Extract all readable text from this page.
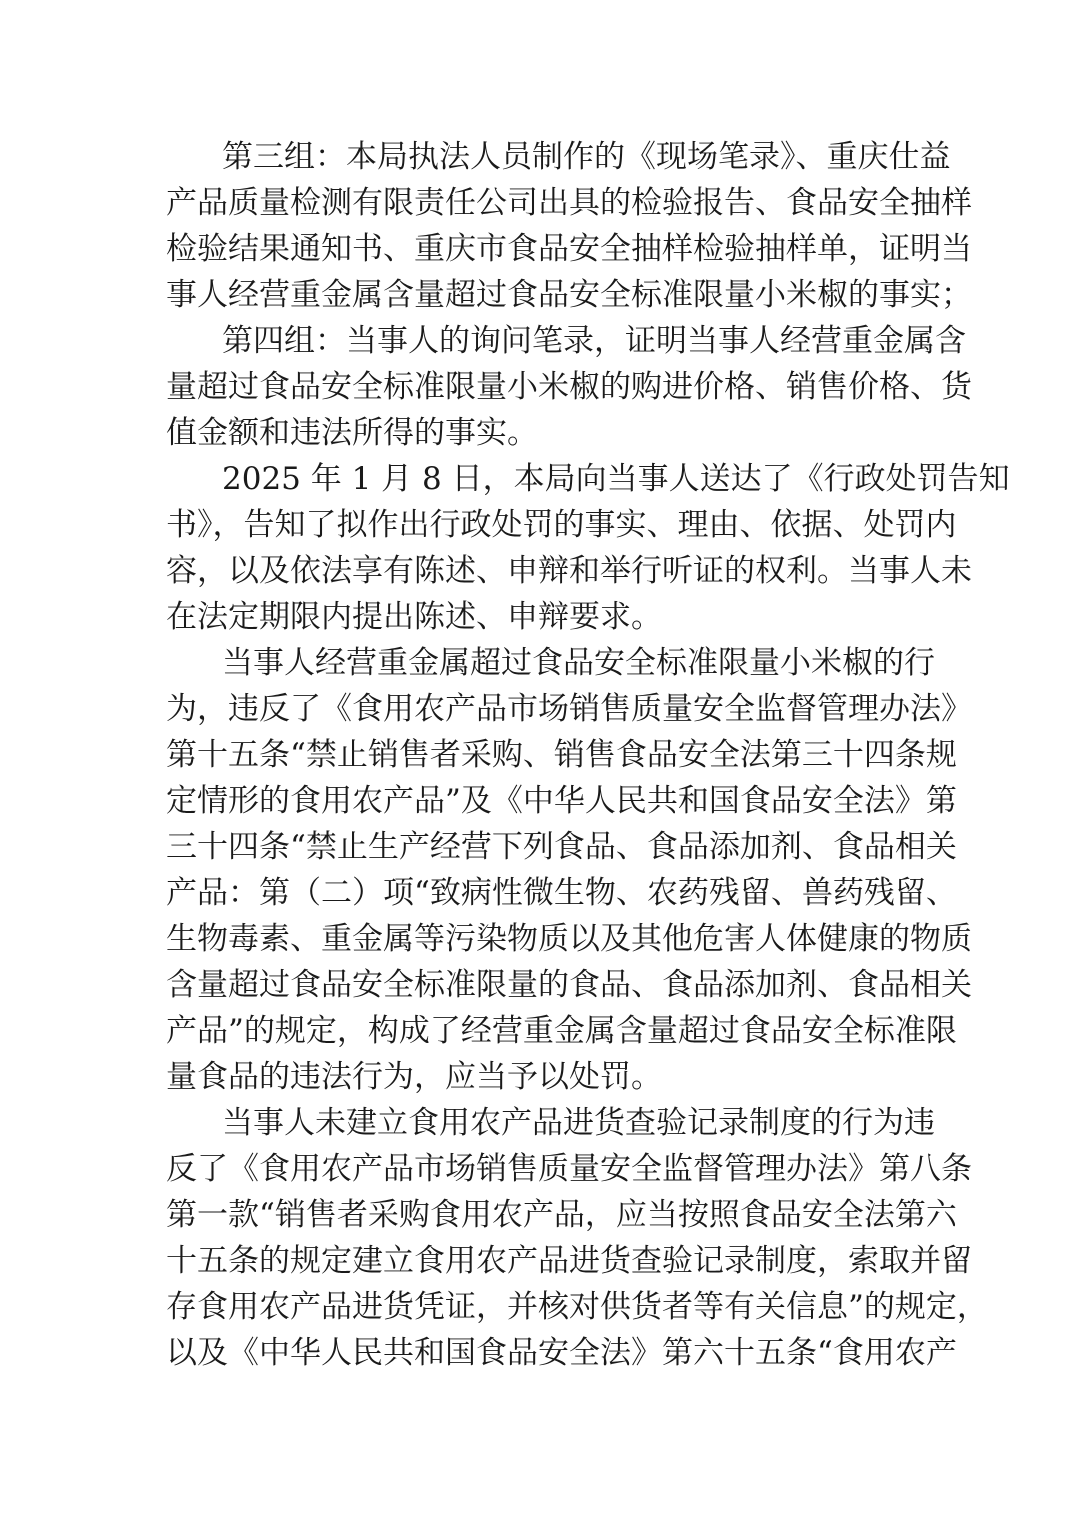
第三组：本局执法人员制作的《现场笔录》、重庆仕益
产品质量检测有限责任公司出具的检验报告、食品安全抽样
检验结果通知书、重庆市食品安全抽样检验抽样单，证明当
事人经营重金属含量超过食品安全标准限量小米椒的事实；
第四组：当事人的询问笔录，证明当事人经营重金属含
量超过食品安全标准限量小米椒的购进价格、销售价格、货
值金额和违法所得的事实。
2025 年 1 月 8 日，本局向当事人送达了《行政处罚告知
书》，告知了拟作出行政处罚的事实、理由、依据、处罚内
容，以及依法享有陈述、申辩和举行听证的权利。当事人未
在法定期限内提出陈述、申辩要求。
当事人经营重金属超过食品安全标准限量小米椒的行
为，违反了《食用农产品市场销售质量安全监督管理办法》
第十五条“禁止销售者采购、销售食品安全法第三十四条规
定情形的食用农产品”及《中华人民共和国食品安全法》第
三十四条“禁止生产经营下列食品、食品添加剂、食品相关
产品：第（二）项“致病性微生物、农药残留、兽药残留、
生物毒素、重金属等污染物质以及其他危害人体健康的物质
含量超过食品安全标准限量的食品、食品添加剂、食品相关
产品”的规定，构成了经营重金属含量超过食品安全标准限
量食品的违法行为，应当予以处罚。
当事人未建立食用农产品进货查验记录制度的行为违
反了《食用农产品市场销售质量安全监督管理办法》第八条
第一款“销售者采购食用农产品，应当按照食品安全法第六
十五条的规定建立食用农产品进货查验记录制度，索取并留
存食用农产品进货凭证，并核对供货者等有关信息”的规定，
以及《中华人民共和国食品安全法》第六十五条“食用农产
